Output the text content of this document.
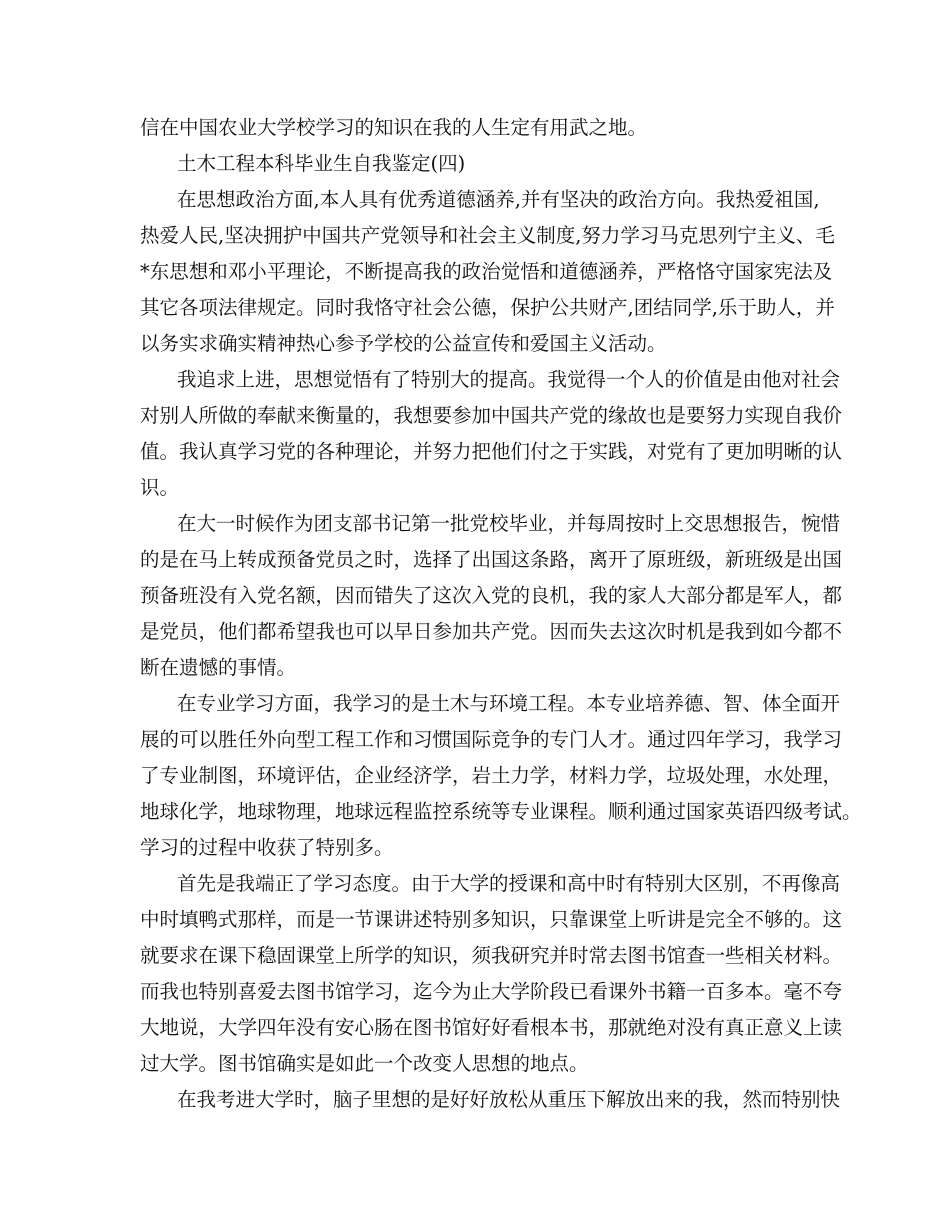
信在中国农业大学校学习的知识在我的人生定有用武之地。
土木工程本科毕业生自我鉴定(四)
在思想政治方面,本人具有优秀道德涵养,并有坚决的政治方向。我热爱祖国,
热爱人民,坚决拥护中国共产党领导和社会主义制度,努力学习马克思列宁主义、毛
*东思想和邓小平理论，不断提高我的政治觉悟和道德涵养，严格恪守国家宪法及
其它各项法律规定。同时我恪守社会公德，保护公共财产,团结同学,乐于助人，并
以务实求确实精神热心参予学校的公益宣传和爱国主义活动。
我追求上进，思想觉悟有了特别大的提高。我觉得一个人的价值是由他对社会
对别人所做的奉献来衡量的，我想要参加中国共产党的缘故也是要努力实现自我价
值。我认真学习党的各种理论，并努力把他们付之于实践，对党有了更加明晰的认
识。
在大一时候作为团支部书记第一批党校毕业，并每周按时上交思想报告，惋惜
的是在马上转成预备党员之时，选择了出国这条路，离开了原班级，新班级是出国
预备班没有入党名额，因而错失了这次入党的良机，我的家人大部分都是军人，都
是党员，他们都希望我也可以早日参加共产党。因而失去这次时机是我到如今都不
断在遗憾的事情。
在专业学习方面，我学习的是土木与环境工程。本专业培养德、智、体全面开
展的可以胜任外向型工程工作和习惯国际竞争的专门人才。通过四年学习，我学习
了专业制图，环境评估，企业经济学，岩土力学，材料力学，垃圾处理，水处理，
地球化学，地球物理，地球远程监控系统等专业课程。顺利通过国家英语四级考试。
学习的过程中收获了特别多。
首先是我端正了学习态度。由于大学的授课和高中时有特别大区别，不再像高
中时填鸭式那样，而是一节课讲述特别多知识，只靠课堂上听讲是完全不够的。这
就要求在课下稳固课堂上所学的知识，须我研究并时常去图书馆查一些相关材料。
而我也特别喜爱去图书馆学习，迄今为止大学阶段已看课外书籍一百多本。毫不夸
大地说，大学四年没有安心肠在图书馆好好看根本书，那就绝对没有真正意义上读
过大学。图书馆确实是如此一个改变人思想的地点。
在我考进大学时，脑子里想的是好好放松从重压下解放出来的我，然而特别快
